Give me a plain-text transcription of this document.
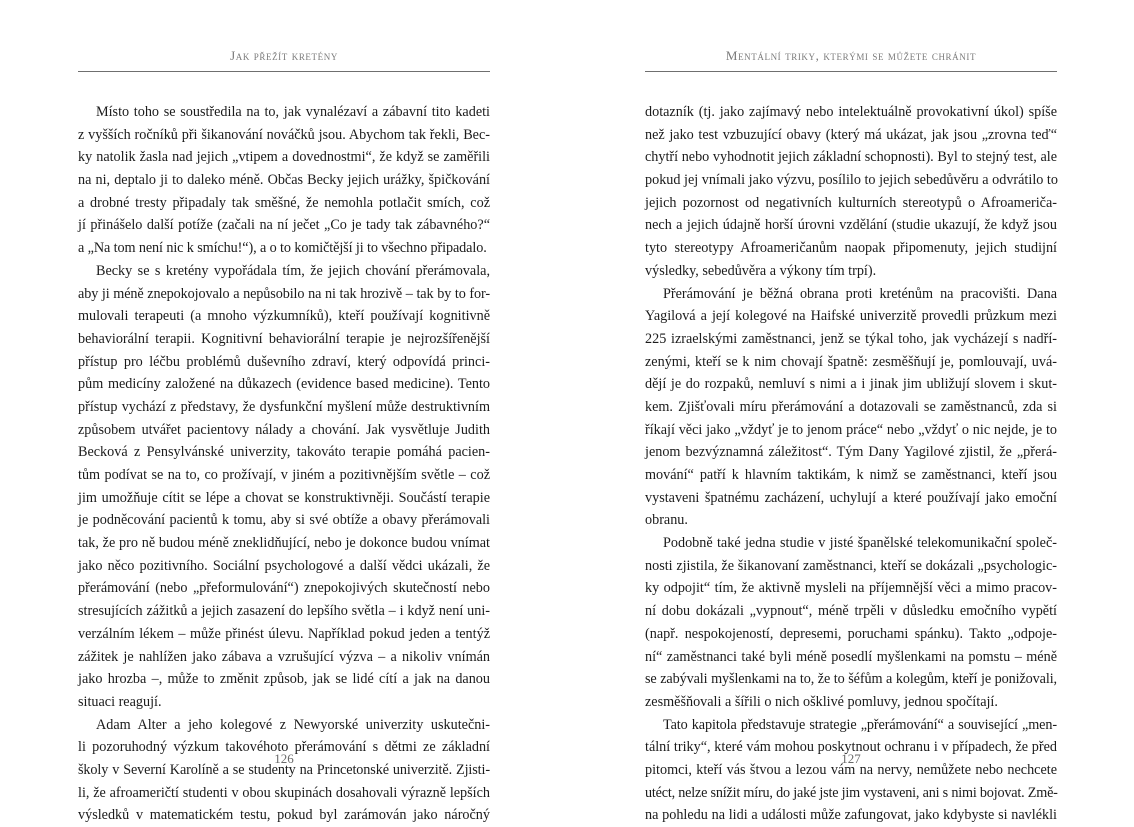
Jak přežít kretény
Místo toho se soustředila na to, jak vynalézaví a zábavní tito kadeti
z vyšších ročníků při šikanování nováčků jsou. Abychom tak řekli, Bec-
ky natolik žasla nad jejich „vtipem a dovednostmi“, že když se zaměřili
na ni, deptalo ji to daleko méně. Občas Becky jejich urážky, špičkování
a drobné tresty připadaly tak směšné, že nemohla potlačit smích, což
jí přinášelo další potíže (začali na ní ječet „Co je tady tak zábavného?“
a „Na tom není nic k smíchu!“), a o to komičtější ji to všechno připadalo.
Becky se s kretény vypořádala tím, že jejich chování přerámovala,
aby ji méně znepokojovalo a nepůsobilo na ni tak hrozivě – tak by to for-
mulovali terapeuti (a mnoho výzkumníků), kteří používají kognitivně
behaviorální terapii. Kognitivní behaviorální terapie je nejrozšířenější
přístup pro léčbu problémů duševního zdraví, který odpovídá princi-
pům medicíny založené na důkazech (evidence based medicine). Tento
přístup vychází z představy, že dysfunkční myšlení může destruktivním
způsobem utvářet pacientovy nálady a chování. Jak vysvětluje Judith
Becková z Pensylvánské univerzity, takováto terapie pomáhá pacien-
tům podívat se na to, co prožívají, v jiném a pozitivnějším světle – což
jim umožňuje cítit se lépe a chovat se konstruktivněji. Součástí terapie
je podněcování pacientů k tomu, aby si své obtíže a obavy přerámovali
tak, že pro ně budou méně zneklidňující, nebo je dokonce budou vnímat
jako něco pozitivního. Sociální psychologové a další vědci ukázali, že
přerámování (nebo „přeformulování“) znepokojivých skutečností nebo
stresujících zážitků a jejich zasazení do lepšího světla – i když není uni-
verzálním lékem – může přinést úlevu. Například pokud jeden a tentýž
zážitek je nahlížen jako zábava a vzrušující výzva – a nikoliv vnímán
jako hrozba –, může to změnit způsob, jak se lidé cítí a jak na danou
situaci reagují.
Adam Alter a jeho kolegové z Newyorské univerzity uskutečni-
li pozoruhodný výzkum takovéhoto přerámování s dětmi ze základní
školy v Severní Karolíně a se studenty na Princetonské univerzitě. Zjisti-
li, že afroameričtí studenti v obou skupinách dosahovali výrazně lepších
výsledků v matematickém testu, pokud byl zarámován jako náročný
126
Mentální triky, kterými se můžete chránit
dotazník (tj. jako zajímavý nebo intelektuálně provokativní úkol) spíše
než jako test vzbuzující obavy (který má ukázat, jak jsou „zrovna teď“
chytří nebo vyhodnotit jejich základní schopnosti). Byl to stejný test, ale
pokud jej vnímali jako výzvu, posílilo to jejich sebedůvěru a odvrátilo to
jejich pozornost od negativních kulturních stereotypů o Afroameriča-
nech a jejich údajně horší úrovni vzdělání (studie ukazují, že když jsou
tyto stereotypy Afroameričanům naopak připomenuty, jejich studijní
výsledky, sebedůvěra a výkony tím trpí).
Přerámování je běžná obrana proti kreténům na pracovišti. Dana
Yagilová a její kolegové na Haifské univerzitě provedli průzkum mezi
225 izraelskými zaměstnanci, jenž se týkal toho, jak vycházejí s nadří-
zenými, kteří se k nim chovají špatně: zesměšňují je, pomlouvají, uvá-
dějí je do rozpaků, nemluví s nimi a i jinak jim ubližují slovem i skut-
kem. Zjišťovali míru přerámování a dotazovali se zaměstnanců, zda si
říkají věci jako „vždyť je to jenom práce“ nebo „vždyť o nic nejde, je to
jenom bezvýznamná záležitost“. Tým Dany Yagilové zjistil, že „přerá-
mování“ patří k hlavním taktikám, k nimž se zaměstnanci, kteří jsou
vystaveni špatnému zacházení, uchylují a které používají jako emoční
obranu.
Podobně také jedna studie v jisté španělské telekomunikační společ-
nosti zjistila, že šikanovaní zaměstnanci, kteří se dokázali „psychologic-
ky odpojit“ tím, že aktivně mysleli na příjemnější věci a mimo pracov-
ní dobu dokázali „vypnout“, méně trpěli v důsledku emočního vypětí
(např. nespokojeností, depresemi, poruchami spánku). Takto „odpoje-
ní“ zaměstnanci také byli méně posedlí myšlenkami na pomstu – méně
se zabývali myšlenkami na to, že to šéfům a kolegům, kteří je ponižovali,
zesměšňovali a šířili o nich ošklivé pomluvy, jednou spočítají.
Tato kapitola představuje strategie „přerámování“ a související „men-
tální triky“, které vám mohou poskytnout ochranu i v případech, že před
pitomci, kteří vás štvou a lezou vám na nervy, nemůžete nebo nechcete
utéct, nelze snížit míru, do jaké jste jim vystaveni, ani s nimi bojovat. Změ-
na pohledu na lidi a události může zafungovat, jako kdybyste si navlékli
127
